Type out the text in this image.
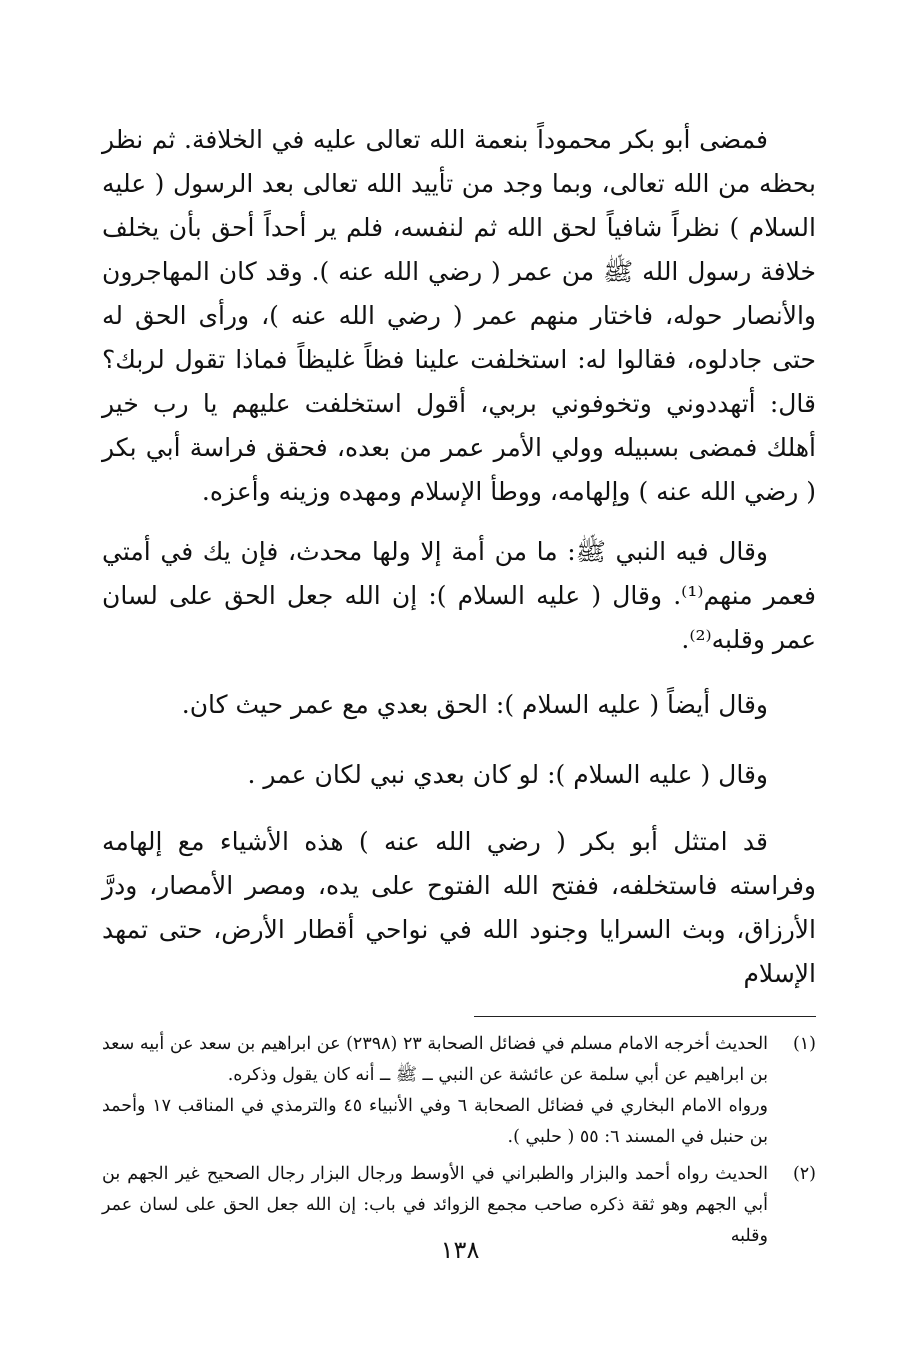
فمضى أبو بكر محموداً بنعمة الله تعالى عليه في الخلافة. ثم نظر بحظه من الله تعالى، وبما وجد من تأييد الله تعالى بعد الرسول ( عليه السلام ) نظراً شافياً لحق الله ثم لنفسه، فلم ير أحداً أحق بأن يخلف خلافة رسول الله ﷺ من عمر ( رضي الله عنه ). وقد كان المهاجرون والأنصار حوله، فاختار منهم عمر ( رضي الله عنه )، ورأى الحق له حتى جادلوه، فقالوا له: استخلفت علينا فظاً غليظاً فماذا تقول لربك؟ قال: أتهددوني وتخوفوني بربي، أقول استخلفت عليهم يا رب خير أهلك فمضى بسبيله وولي الأمر عمر من بعده، فحقق فراسة أبي بكر ( رضي الله عنه ) وإلهامه، ووطأ الإسلام ومهده وزينه وأعزه.

وقال فيه النبي ﷺ: ما من أمة إلا ولها محدث، فإن يك في أمتي فعمر منهم⁽¹⁾. وقال ( عليه السلام ): إن الله جعل الحق على لسان عمر وقلبه⁽²⁾.

وقال أيضاً ( عليه السلام ): الحق بعدي مع عمر حيث كان.

وقال ( عليه السلام ): لو كان بعدي نبي لكان عمر .

قد امتثل أبو بكر ( رضي الله عنه ) هذه الأشياء مع إلهامه وفراسته فاستخلفه، ففتح الله الفتوح على يده، ومصر الأمصار، ودرَّ الأرزاق، وبث السرايا وجنود الله في نواحي أقطار الأرض، حتى تمهد الإسلام

(١)
الحديث أخرجه الامام مسلم في فضائل الصحابة ٢٣ (٢٣٩٨) عن ابراهيم بن سعد عن أبيه سعد بن ابراهيم عن أبي سلمة عن عائشة عن النبي ــ ﷺ ــ أنه كان يقول وذكره.
ورواه الامام البخاري في فضائل الصحابة ٦ وفي الأنبياء ٤٥ والترمذي في المناقب ١٧ وأحمد بن حنبل في المسند ٦: ٥٥ ( حلبي ).
(٢)
الحديث رواه أحمد والبزار والطبراني في الأوسط ورجال البزار رجال الصحيح غير الجهم بن أبي الجهم وهو ثقة ذكره صاحب مجمع الزوائد في باب: إن الله جعل الحق على لسان عمر وقلبه
١٣٨
